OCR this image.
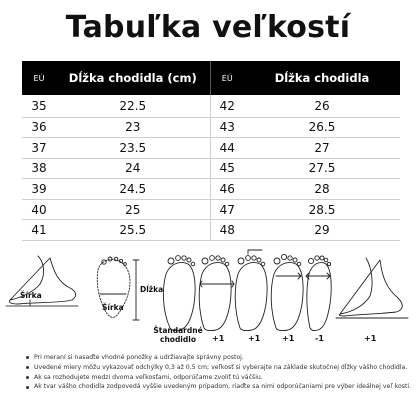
Tabuľka veľkostí
EÚ	Dĺžka chodidla (cm)	EÚ	Dĺžka chodidla
35	22.5	42	26
36	23	43	26.5
37	23.5	44	27
38	24	45	27.5
39	24.5	46	28
40	25	47	28.5
41	25.5	48	29
Šírka
Šírka
Dĺžka
+1	+1	+1	-1	+1
Štandardné chodidlo
Pri meraní si nasaďte vhodné ponožky a udržiavajte správny postoj.
Uvedené miery môžu vykazovať odchýlky 0,3 až 0,5 cm; veľkosť si vyberajte na základe skutočnej dĺžky vášho chodidla.
Ak sa rozhodujete medzi dvoma veľkosťami, odporúčame zvoliť tú väčšiu.
Ak tvar vášho chodidla zodpovedá vyššie uvedeným prípadom, riaďte sa nimi odporúčaniami pre výber ideálnej veľ kosti.
